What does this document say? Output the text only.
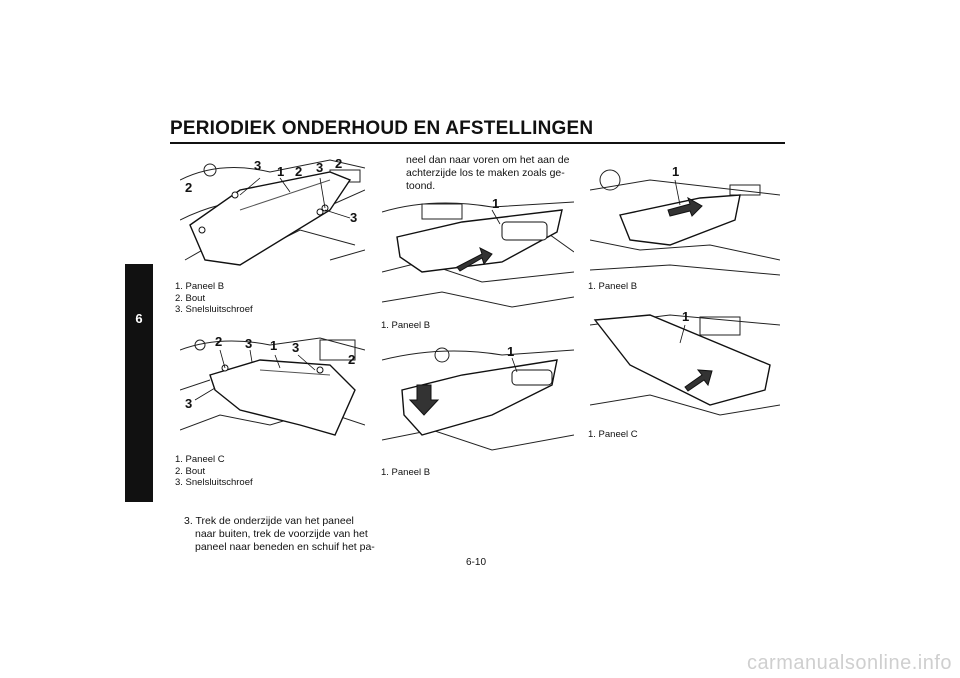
PERIODIEK ONDERHOUD EN AFSTELLINGEN
6
3 1 2 3 2
2
3
1. Paneel B
2. Bout
3. Snelsluitschroef
2 3 1 3
2
3
1. Paneel C
2. Bout
3. Snelsluitschroef
3. Trek de onderzijde van het paneel
naar buiten, trek de voorzijde van het
paneel naar beneden en schuif het pa-
neel dan naar voren om het aan de
achterzijde los te maken zoals ge-
toond.
1
1. Paneel B
1
1. Paneel B
1
1. Paneel B
1
1. Paneel C
6-10
carmanualsonline.info
